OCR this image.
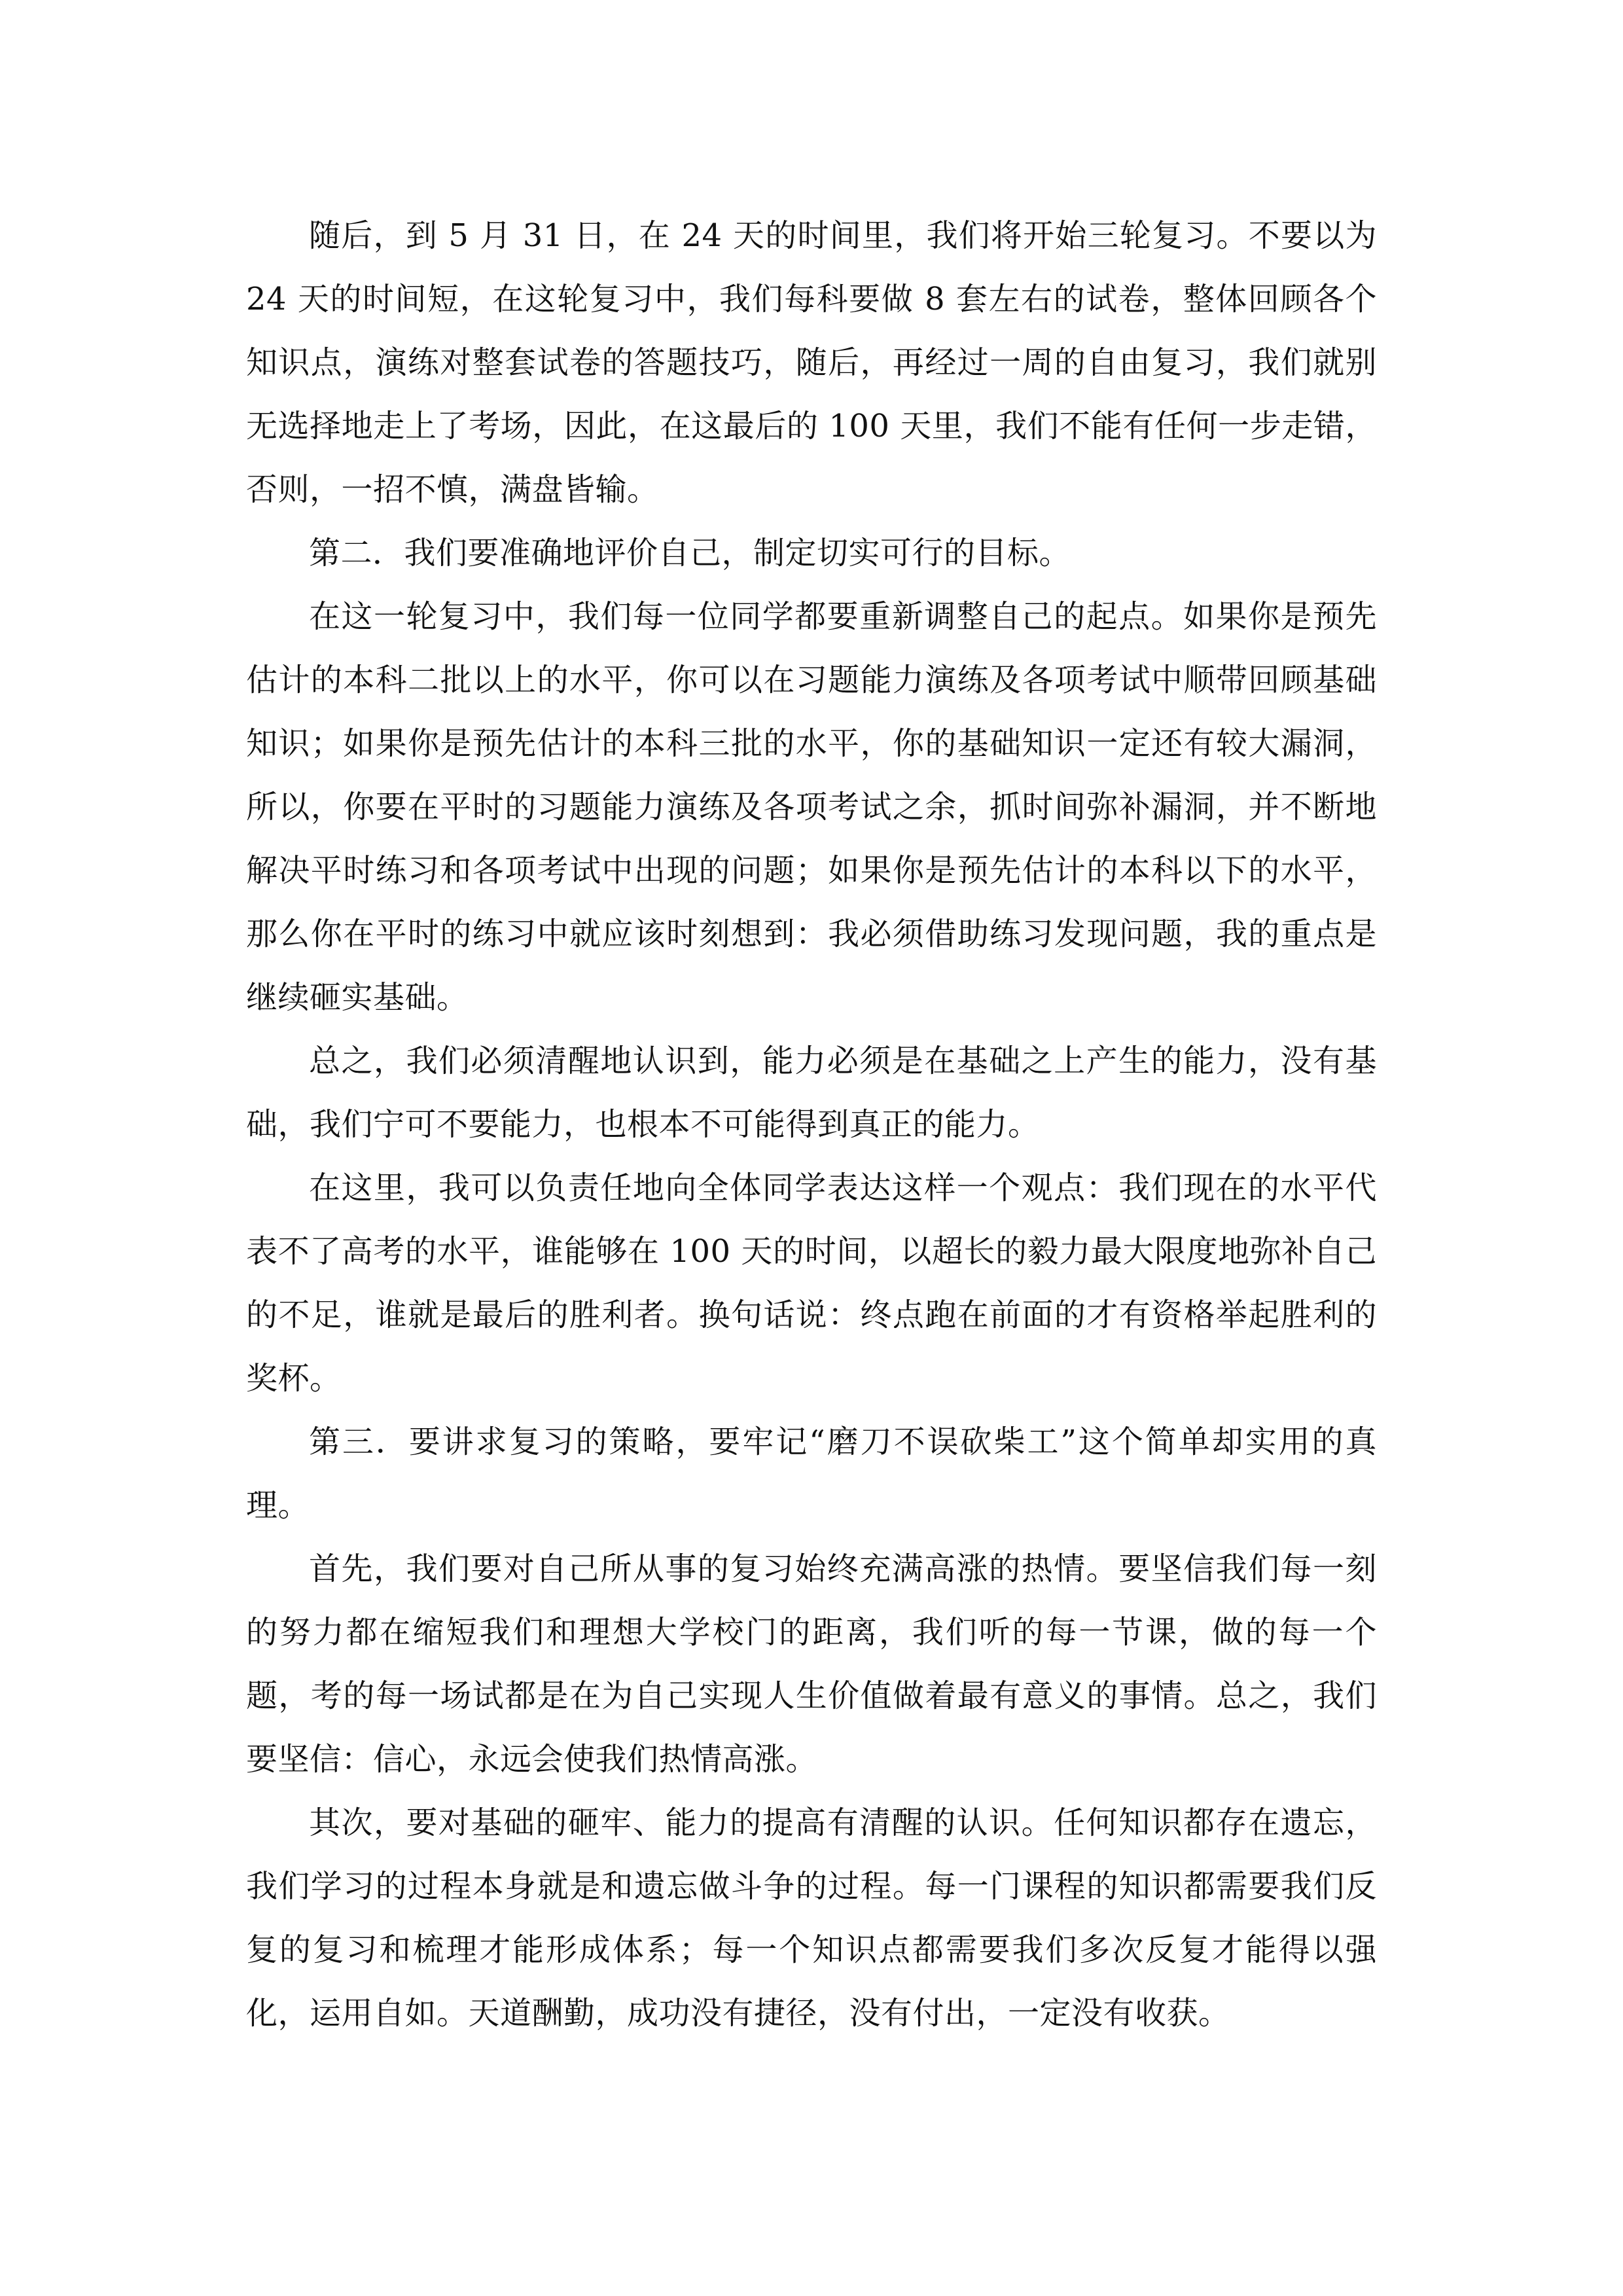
随后，到 5 月 31 日，在 24 天的时间里，我们将开始三轮复习。不要以为 24 天的时间短，在这轮复习中，我们每科要做 8 套左右的试卷，整体回顾各个知识点，演练对整套试卷的答题技巧，随后，再经过一周的自由复习，我们就别无选择地走上了考场，因此，在这最后的 100 天里，我们不能有任何一步走错，否则，一招不慎，满盘皆输。

第二．我们要准确地评价自己，制定切实可行的目标。

在这一轮复习中，我们每一位同学都要重新调整自己的起点。如果你是预先估计的本科二批以上的水平，你可以在习题能力演练及各项考试中顺带回顾基础知识；如果你是预先估计的本科三批的水平，你的基础知识一定还有较大漏洞，所以，你要在平时的习题能力演练及各项考试之余，抓时间弥补漏洞，并不断地解决平时练习和各项考试中出现的问题；如果你是预先估计的本科以下的水平，那么你在平时的练习中就应该时刻想到：我必须借助练习发现问题，我的重点是继续砸实基础。

总之，我们必须清醒地认识到，能力必须是在基础之上产生的能力，没有基础，我们宁可不要能力，也根本不可能得到真正的能力。

在这里，我可以负责任地向全体同学表达这样一个观点：我们现在的水平代表不了高考的水平，谁能够在 100 天的时间，以超长的毅力最大限度地弥补自己的不足，谁就是最后的胜利者。换句话说：终点跑在前面的才有资格举起胜利的奖杯。

第三．要讲求复习的策略，要牢记“磨刀不误砍柴工”这个简单却实用的真理。

首先，我们要对自己所从事的复习始终充满高涨的热情。要坚信我们每一刻的努力都在缩短我们和理想大学校门的距离，我们听的每一节课，做的每一个题，考的每一场试都是在为自己实现人生价值做着最有意义的事情。总之，我们要坚信：信心，永远会使我们热情高涨。

其次，要对基础的砸牢、能力的提高有清醒的认识。任何知识都存在遗忘，我们学习的过程本身就是和遗忘做斗争的过程。每一门课程的知识都需要我们反复的复习和梳理才能形成体系；每一个知识点都需要我们多次反复才能得以强化，运用自如。天道酬勤，成功没有捷径，没有付出，一定没有收获。
